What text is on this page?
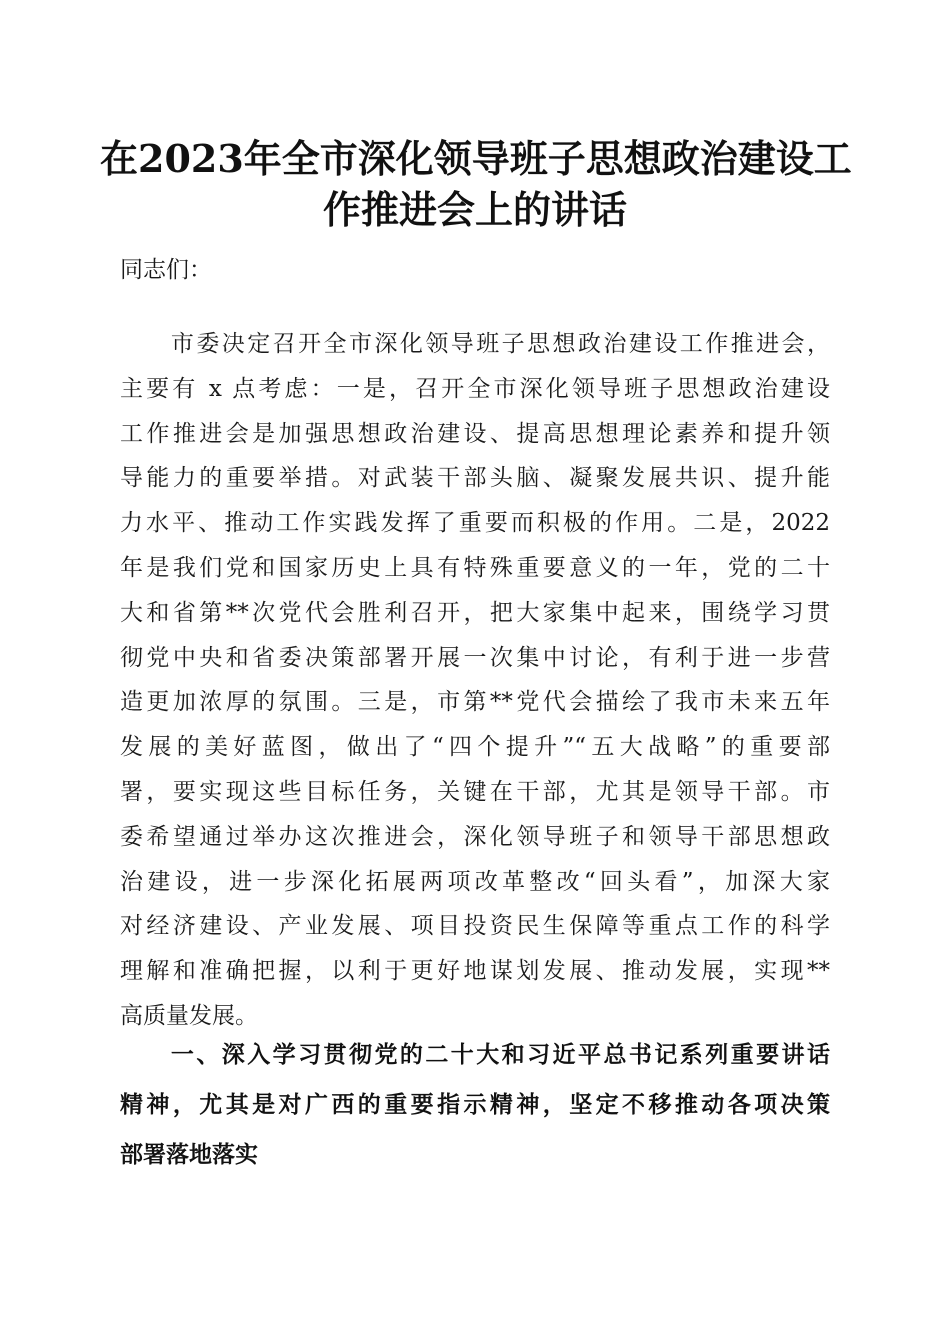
在2023年全市深化领导班子思想政治建设工
作推进会上的讲话

同志们：

　　市委决定召开全市深化领导班子思想政治建设工作推进会，
主要有 x 点考虑：一是，召开全市深化领导班子思想政治建设
工作推进会是加强思想政治建设、提高思想理论素养和提升领
导能力的重要举措。对武装干部头脑、凝聚发展共识、提升能
力水平、推动工作实践发挥了重要而积极的作用。二是，2022
年是我们党和国家历史上具有特殊重要意义的一年，党的二十
大和省第**次党代会胜利召开，把大家集中起来，围绕学习贯
彻党中央和省委决策部署开展一次集中讨论，有利于进一步营
造更加浓厚的氛围。三是，市第**党代会描绘了我市未来五年
发展的美好蓝图，做出了“四个提升”“五大战略”的重要部
署，要实现这些目标任务，关键在干部，尤其是领导干部。市
委希望通过举办这次推进会，深化领导班子和领导干部思想政
治建设，进一步深化拓展两项改革整改“回头看”，加深大家
对经济建设、产业发展、项目投资民生保障等重点工作的科学
理解和准确把握，以利于更好地谋划发展、推动发展，实现**
高质量发展。
　　一、深入学习贯彻党的二十大和习近平总书记系列重要讲话
精神，尤其是对广西的重要指示精神，坚定不移推动各项决策
部署落地落实
